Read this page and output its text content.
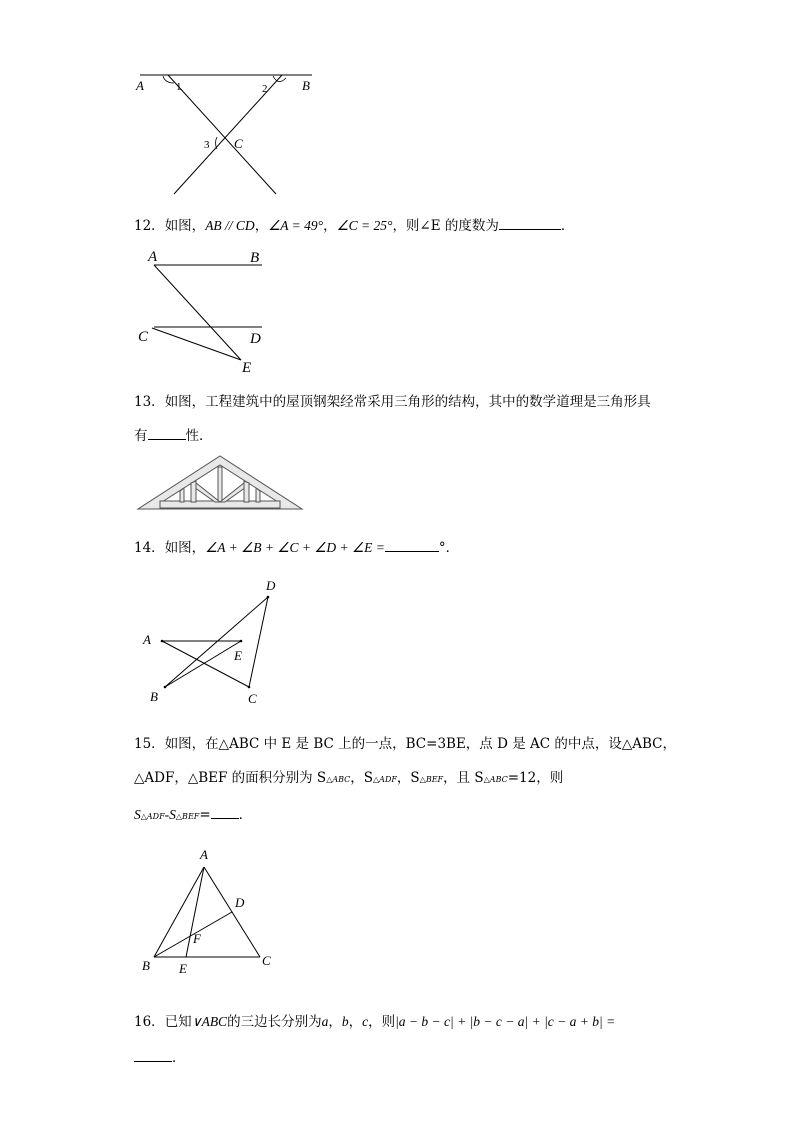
A	B
C
1	2
3
12．如图，AB // CD，∠A = 49°，∠C = 25°，则∠E 的度数为	．
A	B
C	D
E
13．如图，工程建筑中的屋顶钢架经常采用三角形的结构，其中的数学道理是三角形具
有	性．
14．如图，∠A + ∠B + ∠C + ∠D + ∠E =	°．
A
B	C
D
E
15．如图，在△ABC 中 E 是 BC 上的一点，BC=3BE，点 D 是 AC 的中点，设△ABC，
△ADF，△BEF 的面积分别为 S△ABC，S△ADF，S△BEF，且 S△ABC=12，则
S△ADF-S△BEF= ．
A
B	C
D
E
F
16．已知∨ABC的三边长分别为a，b，c，则|a − b − c| + |b − c − a| + |c − a + b| =
．
